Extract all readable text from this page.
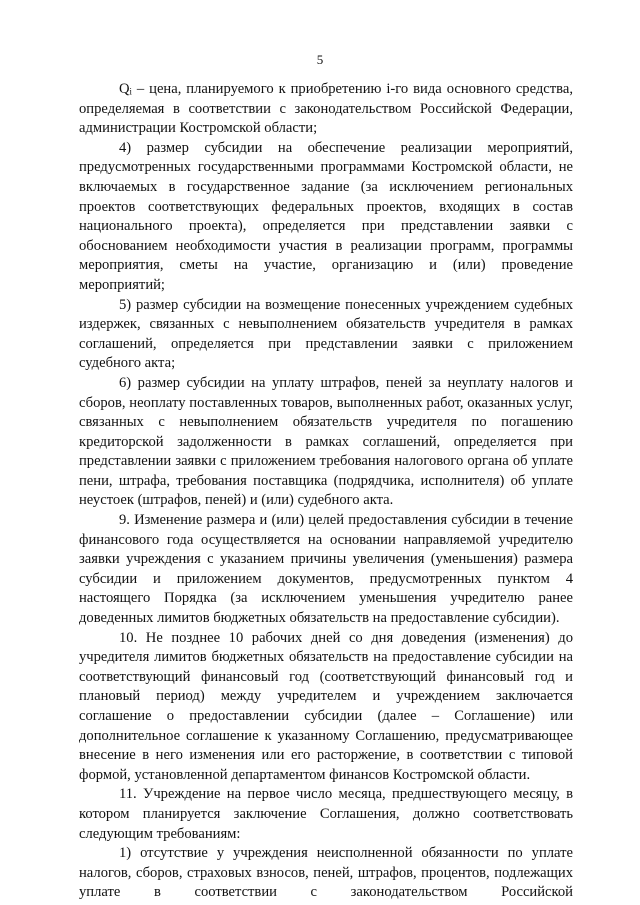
5

Qᵢ – цена, планируемого к приобретению i-го вида основного средства, определяемая в соответствии с законодательством Российской Федерации, администрации Костромской области;

4) размер субсидии на обеспечение реализации мероприятий, предусмотренных государственными программами Костромской области, не включаемых в государственное задание (за исключением региональных проектов соответствующих федеральных проектов, входящих в состав национального проекта), определяется при представлении заявки с обоснованием необходимости участия в реализации программ, программы мероприятия, сметы на участие, организацию и (или) проведение мероприятий;

5) размер субсидии на возмещение понесенных учреждением судебных издержек, связанных с невыполнением обязательств учредителя в рамках соглашений, определяется при представлении заявки с приложением судебного акта;

6) размер субсидии на уплату штрафов, пеней за неуплату налогов и сборов, неоплату поставленных товаров, выполненных работ, оказанных услуг, связанных с невыполнением обязательств учредителя по погашению кредиторской задолженности в рамках соглашений, определяется при представлении заявки с приложением требования налогового органа об уплате пени, штрафа, требования поставщика (подрядчика, исполнителя) об уплате неустоек (штрафов, пеней) и (или) судебного акта.

9. Изменение размера и (или) целей предоставления субсидии в течение финансового года осуществляется на основании направляемой учредителю заявки учреждения с указанием причины увеличения (уменьшения) размера субсидии и приложением документов, предусмотренных пунктом 4 настоящего Порядка (за исключением уменьшения учредителю ранее доведенных лимитов бюджетных обязательств на предоставление субсидии).

10. Не позднее 10 рабочих дней со дня доведения (изменения) до учредителя лимитов бюджетных обязательств на предоставление субсидии на соответствующий финансовый год (соответствующий финансовый год и плановый период) между учредителем и учреждением заключается соглашение о предоставлении субсидии (далее – Соглашение) или дополнительное соглашение к указанному Соглашению, предусматривающее внесение в него изменения или его расторжение, в соответствии с типовой формой, установленной департаментом финансов Костромской области.

11. Учреждение на первое число месяца, предшествующего месяцу, в котором планируется заключение Соглашения, должно соответствовать следующим требованиям:

1) отсутствие у учреждения неисполненной обязанности по уплате налогов, сборов, страховых взносов, пеней, штрафов, процентов, подлежащих уплате в соответствии с законодательством Российской
